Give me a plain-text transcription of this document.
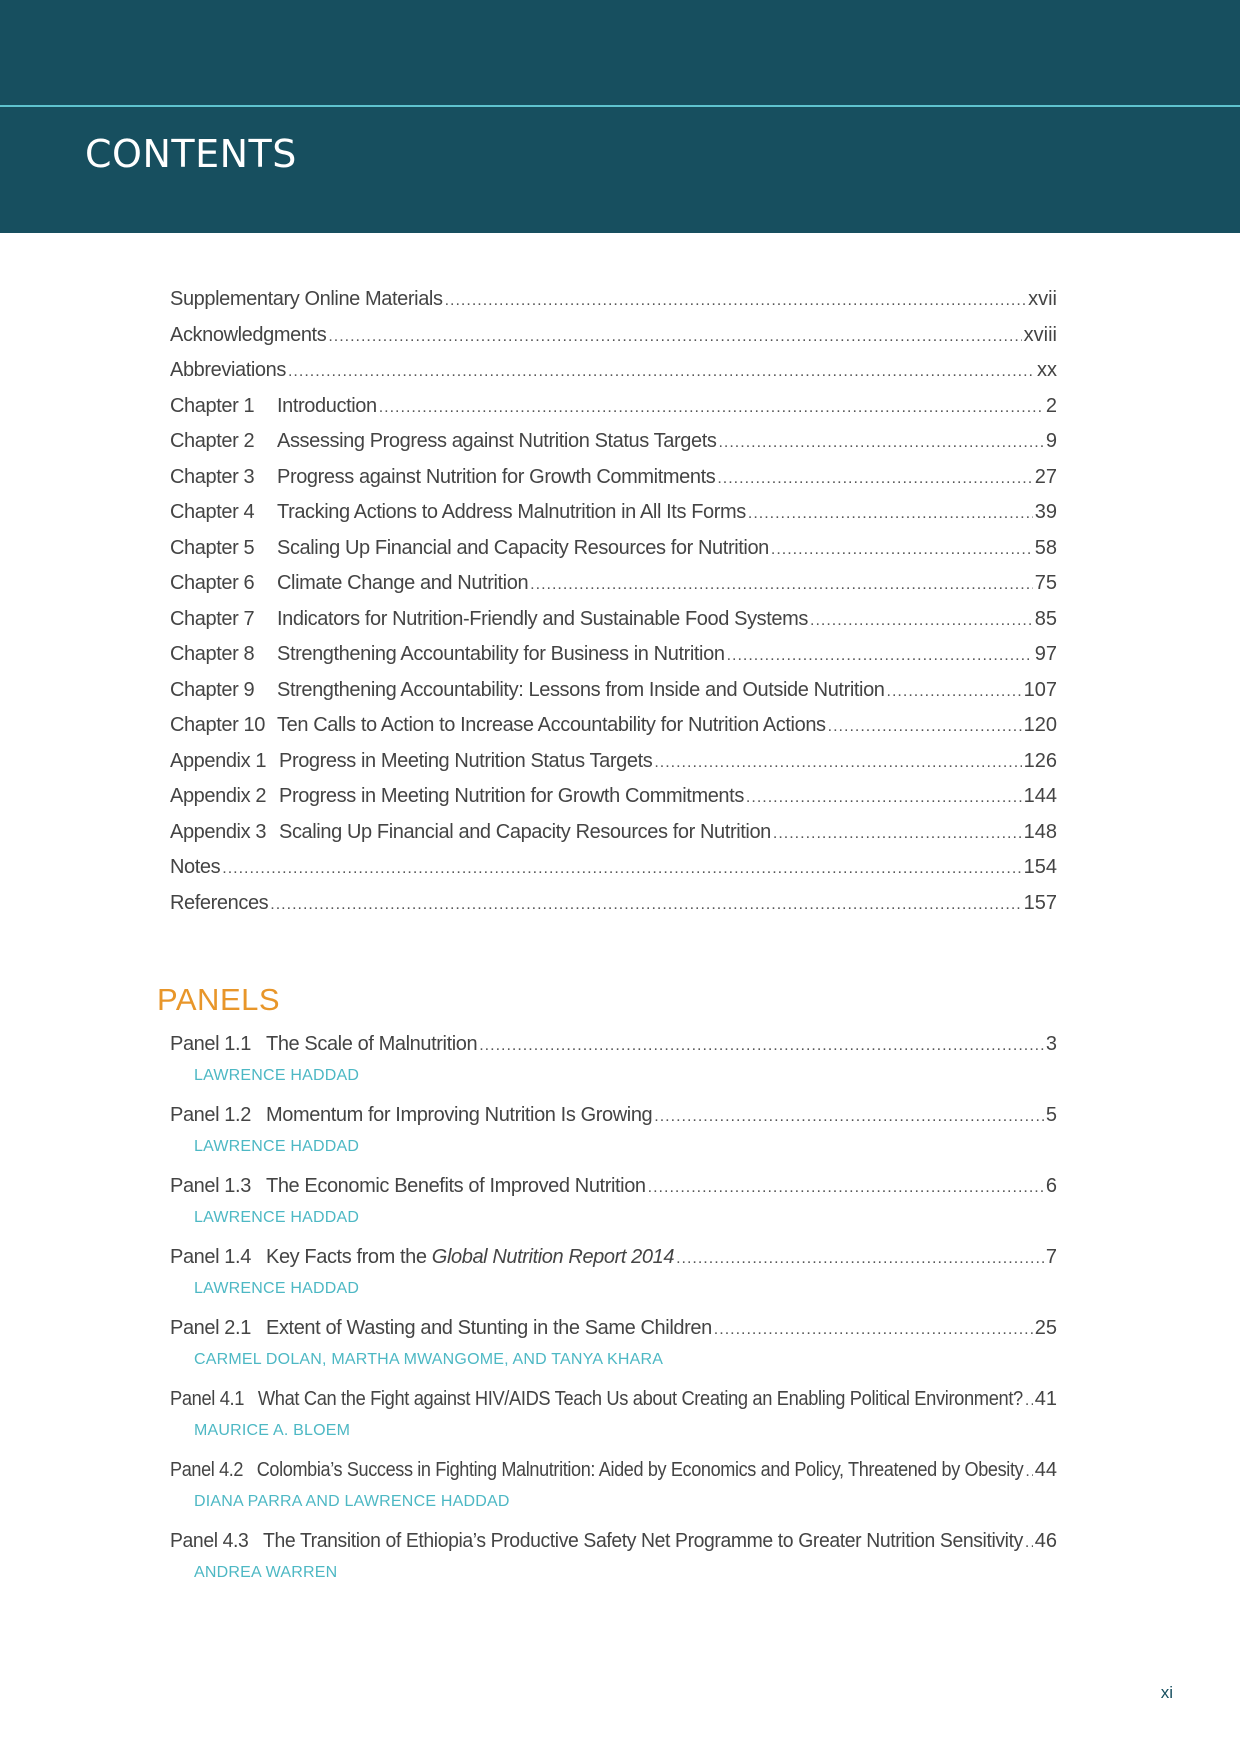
CONTENTS
Supplementary Online Materials .....	xvii
Acknowledgments .....	xviii
Abbreviations .....	xx
Chapter 1 Introduction .....	2
Chapter 2 Assessing Progress against Nutrition Status Targets .....	9
Chapter 3 Progress against Nutrition for Growth Commitments .....	27
Chapter 4 Tracking Actions to Address Malnutrition in All Its Forms .....	39
Chapter 5 Scaling Up Financial and Capacity Resources for Nutrition .....	58
Chapter 6 Climate Change and Nutrition .....	75
Chapter 7 Indicators for Nutrition-Friendly and Sustainable Food Systems .....	85
Chapter 8 Strengthening Accountability for Business in Nutrition .....	97
Chapter 9 Strengthening Accountability: Lessons from Inside and Outside Nutrition .....	107
Chapter 10 Ten Calls to Action to Increase Accountability for Nutrition Actions .....	120
Appendix 1 Progress in Meeting Nutrition Status Targets .....	126
Appendix 2 Progress in Meeting Nutrition for Growth Commitments .....	144
Appendix 3 Scaling Up Financial and Capacity Resources for Nutrition .....	148
Notes .....	154
References .....	157
PANELS
Panel 1.1 The Scale of Malnutrition .....	3
LAWRENCE HADDAD
Panel 1.2 Momentum for Improving Nutrition Is Growing .....	5
LAWRENCE HADDAD
Panel 1.3 The Economic Benefits of Improved Nutrition .....	6
LAWRENCE HADDAD
Panel 1.4 Key Facts from the Global Nutrition Report 2014 .....	7
LAWRENCE HADDAD
Panel 2.1 Extent of Wasting and Stunting in the Same Children .....	25
CARMEL DOLAN, MARTHA MWANGOME, AND TANYA KHARA
Panel 4.1 What Can the Fight against HIV/AIDS Teach Us about Creating an Enabling Political Environment? ..... 41
MAURICE A. BLOEM
Panel 4.2 Colombia’s Success in Fighting Malnutrition: Aided by Economics and Policy, Threatened by Obesity ..... 44
DIANA PARRA AND LAWRENCE HADDAD
Panel 4.3 The Transition of Ethiopia’s Productive Safety Net Programme to Greater Nutrition Sensitivity ..... 46
ANDREA WARREN
xi
